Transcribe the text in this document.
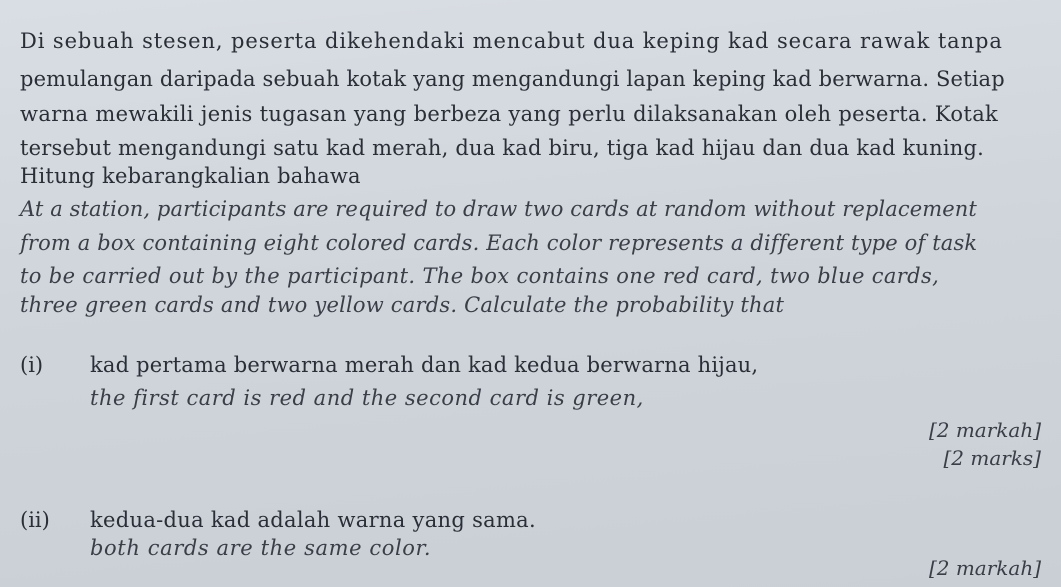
Di sebuah stesen, peserta dikehendaki mencabut dua keping kad secara rawak tanpa
pemulangan daripada sebuah kotak yang mengandungi lapan keping kad berwarna. Setiap
warna mewakili jenis tugasan yang berbeza yang perlu dilaksanakan oleh peserta. Kotak
tersebut mengandungi satu kad merah, dua kad biru, tiga kad hijau dan dua kad kuning.
Hitung kebarangkalian bahawa
At a station, participants are required to draw two cards at random without replacement
from a box containing eight colored cards. Each color represents a different type of task
to be carried out by the participant. The box contains one red card, two blue cards,
three green cards and two yellow cards. Calculate the probability that
(i) kad pertama berwarna merah dan kad kedua berwarna hijau,
the first card is red and the second card is green,
[2 markah]
[2 marks]
(ii) kedua-dua kad adalah warna yang sama.
both cards are the same color.
[2 markah]
